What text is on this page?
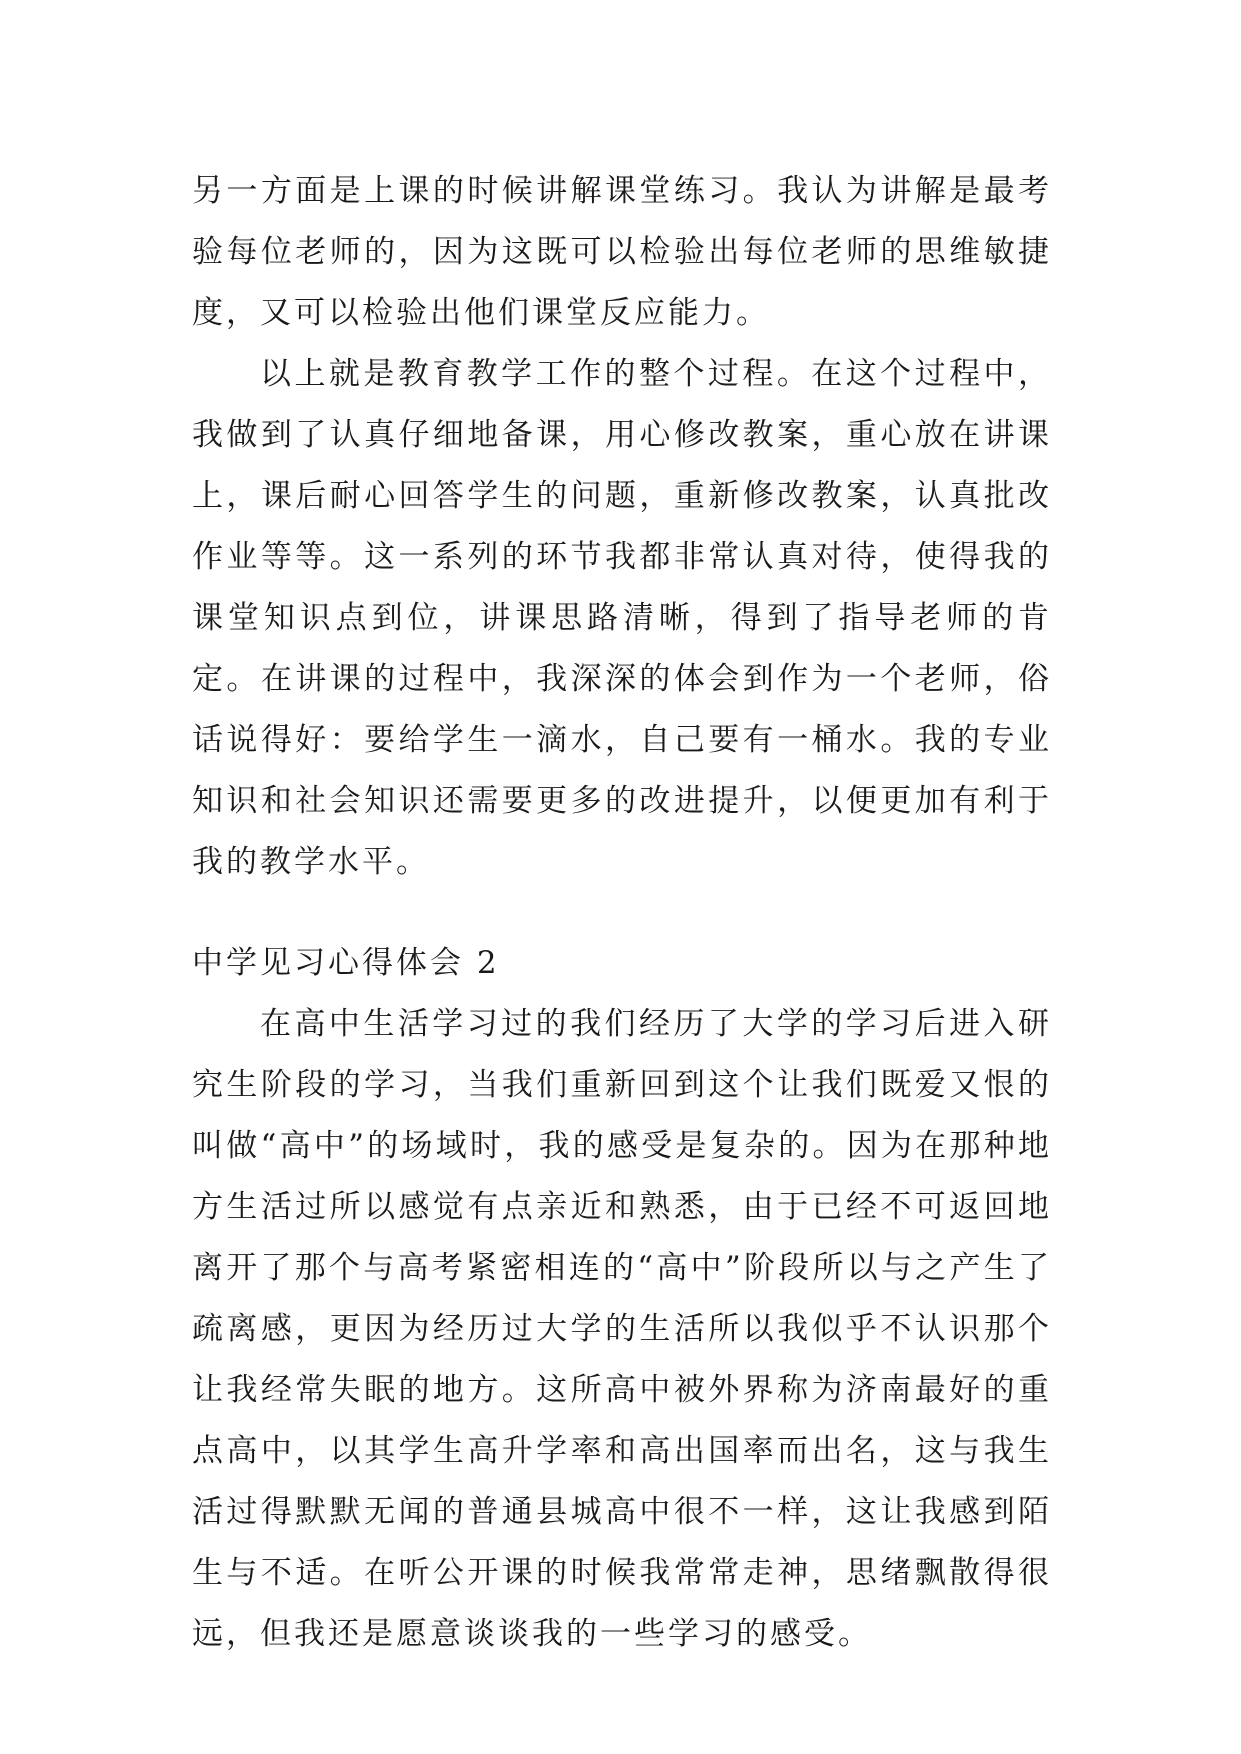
另一方面是上课的时候讲解课堂练习。我认为讲解是最考验每位老师的，因为这既可以检验出每位老师的思维敏捷度，又可以检验出他们课堂反应能力。

以上就是教育教学工作的整个过程。在这个过程中，我做到了认真仔细地备课，用心修改教案，重心放在讲课上，课后耐心回答学生的问题，重新修改教案，认真批改作业等等。这一系列的环节我都非常认真对待，使得我的课堂知识点到位，讲课思路清晰，得到了指导老师的肯定。在讲课的过程中，我深深的体会到作为一个老师，俗话说得好：要给学生一滴水，自己要有一桶水。我的专业知识和社会知识还需要更多的改进提升，以便更加有利于我的教学水平。

中学见习心得体会 2

在高中生活学习过的我们经历了大学的学习后进入研究生阶段的学习，当我们重新回到这个让我们既爱又恨的叫做“高中”的场域时，我的感受是复杂的。因为在那种地方生活过所以感觉有点亲近和熟悉，由于已经不可返回地离开了那个与高考紧密相连的“高中”阶段所以与之产生了疏离感，更因为经历过大学的生活所以我似乎不认识那个让我经常失眠的地方。这所高中被外界称为济南最好的重点高中，以其学生高升学率和高出国率而出名，这与我生活过得默默无闻的普通县城高中很不一样，这让我感到陌生与不适。在听公开课的时候我常常走神，思绪飘散得很远，但我还是愿意谈谈我的一些学习的感受。
